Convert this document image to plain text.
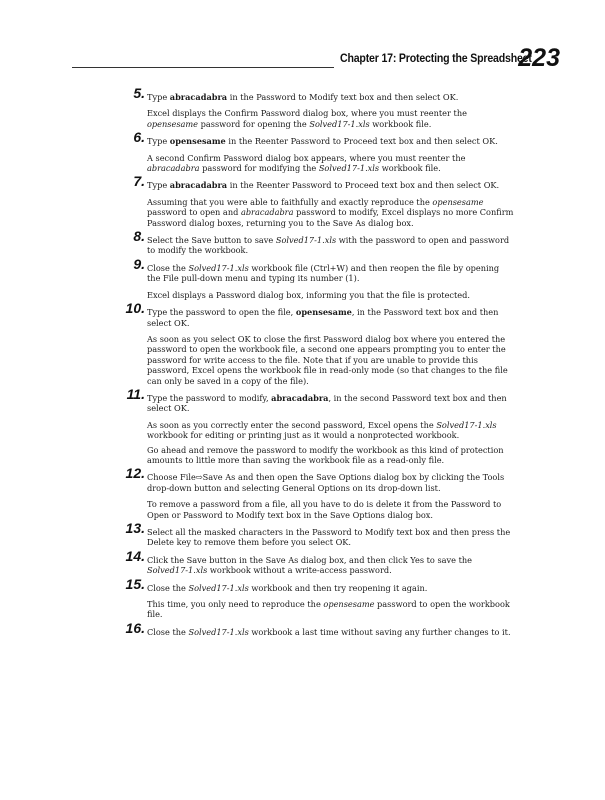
Chapter 17: Protecting the Spreadsheet
223
5. Type abracadabra in the Password to Modify text box and then select OK.

Excel displays the Confirm Password dialog box, where you must reenter the opensesame password for opening the Solved17-1.xls workbook file.

6. Type opensesame in the Reenter Password to Proceed text box and then select OK.

A second Confirm Password dialog box appears, where you must reenter the abracadabra password for modifying the Solved17-1.xls workbook file.

7. Type abracadabra in the Reenter Password to Proceed text box and then select OK.

Assuming that you were able to faithfully and exactly reproduce the opensesame password to open and abracadabra password to modify, Excel displays no more Confirm Password dialog boxes, returning you to the Save As dialog box.

8. Select the Save button to save Solved17-1.xls with the password to open and password to modify the workbook.

9. Close the Solved17-1.xls workbook file (Ctrl+W) and then reopen the file by opening the File pull-down menu and typing its number (1).

Excel displays a Password dialog box, informing you that the file is protected.

10. Type the password to open the file, opensesame, in the Password text box and then select OK.

As soon as you select OK to close the first Password dialog box where you entered the password to open the workbook file, a second one appears prompting you to enter the password for write access to the file. Note that if you are unable to provide this password, Excel opens the workbook file in read-only mode (so that changes to the file can only be saved in a copy of the file).

11. Type the password to modify, abracadabra, in the second Password text box and then select OK.

As soon as you correctly enter the second password, Excel opens the Solved17-1.xls workbook for editing or printing just as it would a nonprotected workbook.

Go ahead and remove the password to modify the workbook as this kind of protection amounts to little more than saving the workbook file as a read-only file.

12. Choose File⇨Save As and then open the Save Options dialog box by clicking the Tools drop-down button and selecting General Options on its drop-down list.

To remove a password from a file, all you have to do is delete it from the Password to Open or Password to Modify text box in the Save Options dialog box.

13. Select all the masked characters in the Password to Modify text box and then press the Delete key to remove them before you select OK.

14. Click the Save button in the Save As dialog box, and then click Yes to save the Solved17-1.xls workbook without a write-access password.

15. Close the Solved17-1.xls workbook and then try reopening it again.

This time, you only need to reproduce the opensesame password to open the workbook file.

16. Close the Solved17-1.xls workbook a last time without saving any further changes to it.
